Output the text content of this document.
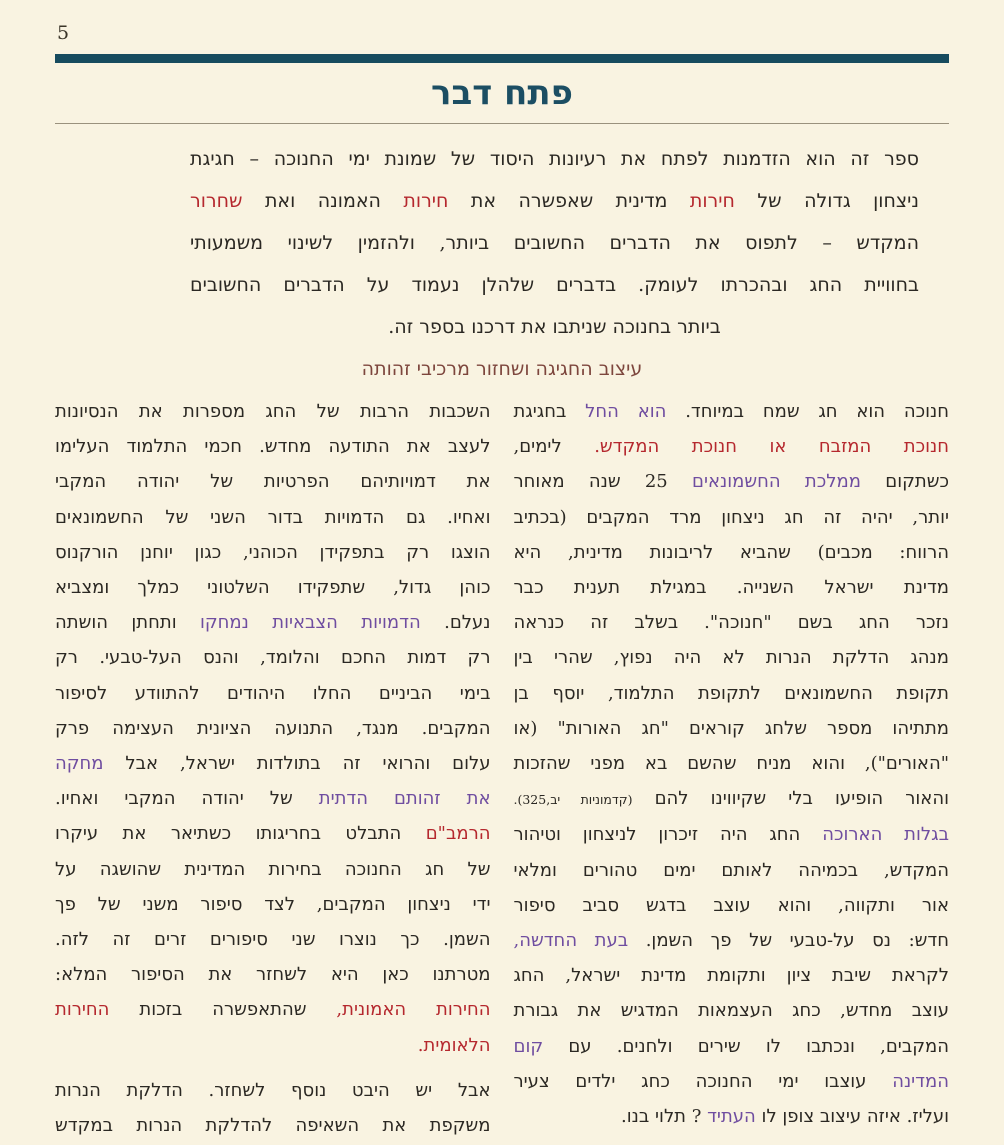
5
פתח דבר
ספר זה הוא הזדמנות לפתח את רעיונות היסוד של שמונת ימי החנוכה – חגיגת
ניצחון גדולה של חירות מדינית שאפשרה את חירות האמונה ואת שחרור
המקדש – לתפוס את הדברים החשובים ביותר, ולהזמין לשינוי משמעותי
בחוויית החג ובהכרתו לעומק. בדברים שלהלן נעמוד על הדברים החשובים
ביותר בחנוכה שניתבו את דרכנו בספר זה.
עיצוב החגיגה ושחזור מרכיבי זהותה
חנוכה הוא חג שמח במיוחד. הוא החל בחגיגת
חנוכת המזבח או חנוכת המקדש. לימים,
כשתקום ממלכת החשמונאים 25 שנה מאוחר
יותר, יהיה זה חג ניצחון מרד המקבים (בכתיב
הרווח: מכבים) שהביא לריבונות מדינית, היא
מדינת ישראל השנייה. במגילת תענית כבר
נזכר החג בשם "חנוכה". בשלב זה כנראה
מנהג הדלקת הנרות לא היה נפוץ, שהרי בין
תקופת החשמונאים לתקופת התלמוד, יוסף בן
מתתיהו מספר שלחג קוראים "חג האורות" (או
"האורים"), והוא מניח שהשם בא מפני שהזכות
והאור הופיעו בלי שקיווינו להם (קדמוניות יב,325).
בגלות הארוכה החג היה זיכרון לניצחון וטיהור
המקדש, בכמיהה לאותם ימים טהורים ומלאי
אור ותקווה, והוא עוצב בדגש סביב סיפור
חדש: נס על-טבעי של פך השמן. בעת החדשה,
לקראת שיבת ציון ותקומת מדינת ישראל, החג
עוצב מחדש, כחג העצמאות המדגיש את גבורת
המקבים, ונכתבו לו שירים ולחנים. עם קום
המדינה עוצבו ימי החנוכה כחג ילדים צעיר
ועליז. איזה עיצוב צופן לו העתיד ? תלוי בנו.
השכבות הרבות של החג מספרות את הנסיונות
לעצב את התודעה מחדש. חכמי התלמוד העלימו
את דמויותיהם הפרטיות של יהודה המקבי
ואחיו. גם הדמויות בדור השני של החשמונאים
הוצגו רק בתפקידן הכוהני, כגון יוחנן הורקנוס
כוהן גדול, שתפקידו השלטוני כמלך ומצביא
נעלם. הדמויות הצבאיות נמחקו ותחתן הושתה
רק דמות החכם והלומד, והנס העל-טבעי. רק
בימי הביניים החלו היהודים להתוודע לסיפור
המקבים. מנגד, התנועה הציונית העצימה פרק
עלום והרואי זה בתולדות ישראל, אבל מחקה
את זהותם הדתית של יהודה המקבי ואחיו.
הרמב"ם התבלט בחריגותו כשתיאר את עיקרו
של חג החנוכה בחירות המדינית שהושגה על
ידי ניצחון המקבים, לצד סיפור משני של פך
השמן. כך נוצרו שני סיפורים זרים זה לזה.
מטרתנו כאן היא לשחזר את הסיפור המלא:
החירות האמונית, שהתאפשרה בזכות החירות
הלאומית.
אבל יש היבט נוסף לשחזר. הדלקת הנרות
משקפת את השאיפה להדלקת הנרות במקדש
